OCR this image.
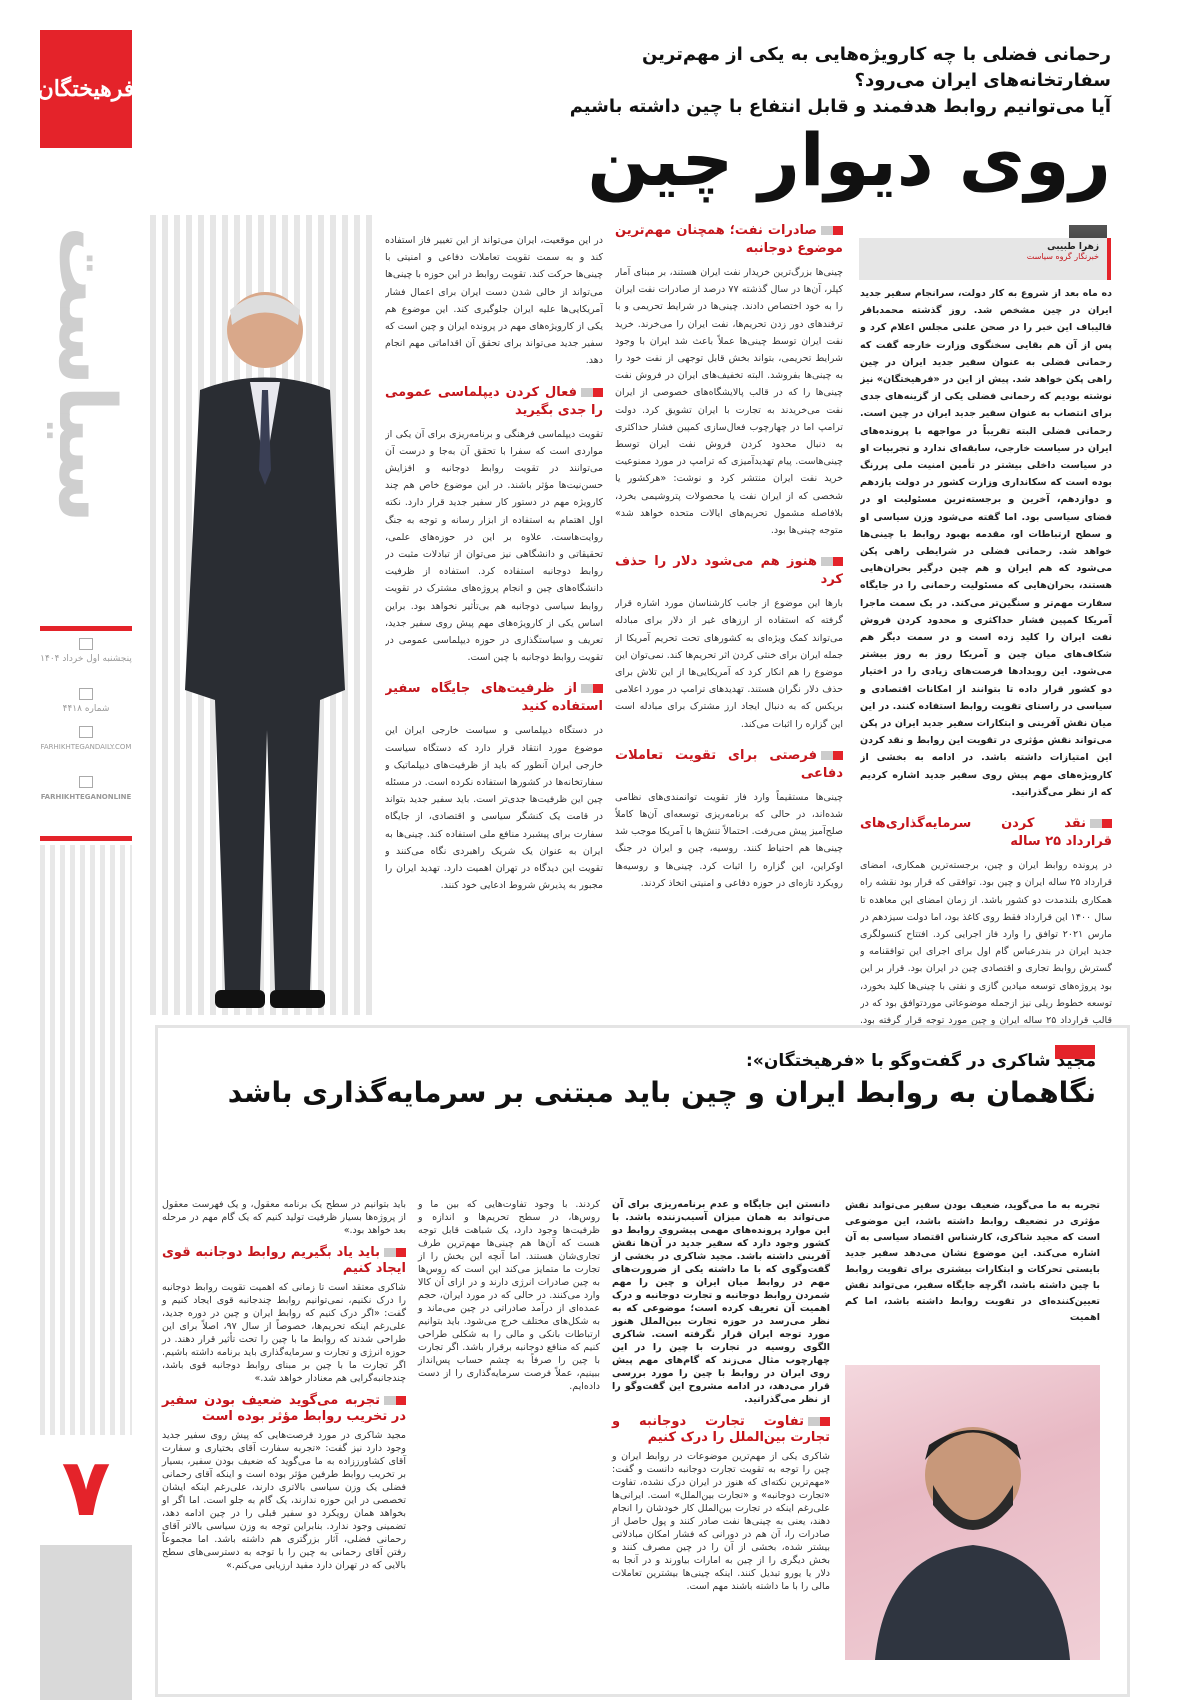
فرهیختگان
سیاست
پنجشنبه اول خرداد ۱۴۰۴
شماره ۴۴۱۸
FARHIKHTEGANDAILY.COM
FARHIKHTEGANONLINE
۷
رحمانی فضلی با چه کارویژه‌هایی به یکی از مهم‌ترین سفارتخانه‌های ایران می‌رود؟
آیا می‌توانیم روابط هدفمند و قابل انتفاع با چین داشته باشیم
روی دیوار چین
زهرا طبیبی
خبرنگار گروه سیاست

ده ماه بعد از شروع به کار دولت، سرانجام سفیر جدید ایران در چین مشخص شد. روز گذشته محمدباقر قالیباف این خبر را در صحن علنی مجلس اعلام کرد و پس از آن هم بقایی سخنگوی وزارت خارجه گفت که رحمانی فضلی به عنوان سفیر جدید ایران در چین راهی پکن خواهد شد. پیش از این در «فرهیختگان» نیز نوشته بودیم که رحمانی فضلی یکی از گزینه‌های جدی برای انتصاب به عنوان سفیر جدید ایران در چین است. رحمانی فضلی البته تقریباً در مواجهه با پرونده‌های ایران در سیاست خارجی، سابقه‌ای ندارد و تجربیات او در سیاست داخلی بیشتر در تأمین امنیت ملی پررنگ بوده است که سکانداری وزارت کشور در دولت یازدهم و دوازدهم، آخرین و برجسته‌ترین مسئولیت او در فضای سیاسی بود. اما گفته می‌شود وزن سیاسی او و سطح ارتباطات او، مقدمه بهبود روابط با چینی‌ها خواهد شد. رحمانی فضلی در شرایطی راهی پکن می‌شود که هم ایران و هم چین درگیر بحران‌هایی هستند، بحران‌هایی که مسئولیت رحمانی را در جایگاه سفارت مهم‌تر و سنگین‌تر می‌کند. در یک سمت ماجرا آمریکا کمپین فشار حداکثری و محدود کردن فروش نفت ایران را کلید زده است و در سمت دیگر هم شکاف‌های میان چین و آمریکا روز به روز بیشتر می‌شود. این رویدادها فرصت‌های زیادی را در اختیار دو کشور قرار داده تا بتوانند از امکانات اقتصادی و سیاسی در راستای تقویت روابط استفاده کنند. در این میان نقش آفرینی و ابتکارات سفیر جدید ایران در پکن می‌تواند نقش مؤثری در تقویت این روابط و نقد کردن این امتیازات داشته باشد. در ادامه به بخشی از کارویژه‌های مهم پیش روی سفیر جدید اشاره کردیم که از نظر می‌گذرانید.

نقد کردن سرمایه‌گذاری‌های قرارداد ۲۵ ساله

در پرونده روابط ایران و چین، برجسته‌ترین همکاری، امضای قرارداد ۲۵ ساله ایران و چین بود. توافقی که قرار بود نقشه راه همکاری بلندمدت دو کشور باشد. از زمان امضای این معاهده تا سال ۱۴۰۰ این قرارداد فقط روی کاغذ بود، اما دولت سیزدهم در مارس ۲۰۲۱ توافق را وارد فاز اجرایی کرد. افتتاح کنسولگری جدید ایران در بندرعباس گام اول برای اجرای این توافقنامه و گسترش روابط تجاری و اقتصادی چین در ایران بود. قرار بر این بود پروژه‌های توسعه میادین گازی و نفتی با چینی‌ها کلید بخورد، توسعه خطوط ریلی نیز ازجمله موضوعاتی موردتوافق بود که در قالب قرارداد ۲۵ ساله ایران و چین مورد توجه قرار گرفته بود.

صادرات نفت؛ همچنان مهم‌ترین موضوع دوجانبه

چینی‌ها بزرگ‌ترین خریدار نفت ایران هستند، بر مبنای آمار کپلر، آن‌ها در سال گذشته ۷۷ درصد از صادرات نفت ایران را به خود اختصاص دادند. چینی‌ها در شرایط تحریمی و با ترفندهای دور زدن تحریم‌ها، نفت ایران را می‌خرند. خرید نفت ایران توسط چینی‌ها عملاً باعث شد ایران با وجود شرایط تحریمی، بتواند بخش قابل توجهی از نفت خود را به چینی‌ها بفروشد. البته تخفیف‌های ایران در فروش نفت چینی‌ها را که در قالب پالایشگاه‌های خصوصی از ایران نفت می‌خریدند به تجارت با ایران تشویق کرد. دولت ترامپ اما در چهارچوب فعال‌سازی کمپین فشار حداکثری به دنبال محدود کردن فروش نفت ایران توسط چینی‌هاست. پیام تهدیدآمیزی که ترامپ در مورد ممنوعیت خرید نفت ایران منتشر کرد و نوشت: «هرکشور یا شخصی که از ایران نفت یا محصولات پتروشیمی بخرد، بلافاصله مشمول تحریم‌های ایالات متحده خواهد شد» متوجه چینی‌ها بود.

هنوز هم می‌شود دلار را حذف کرد

بارها این موضوع از جانب کارشناسان مورد اشاره قرار گرفته که استفاده از ارزهای غیر از دلار برای مبادله می‌تواند کمک ویژه‌ای به کشورهای تحت تحریم آمریکا از جمله ایران برای خنثی کردن اثر تحریم‌ها کند. نمی‌توان این موضوع را هم انکار کرد که آمریکایی‌ها از این تلاش برای حذف دلار نگران هستند. تهدیدهای ترامپ در مورد اعلامی بریکس که به دنبال ایجاد ارز مشترک برای مبادله است این گزاره را اثبات می‌کند.

فرصتی برای تقویت تعاملات دفاعی

چینی‌ها مستقیماً وارد فاز تقویت توانمندی‌های نظامی شده‌اند، در حالی که برنامه‌ریزی توسعه‌ای آن‌ها کاملاً صلح‌آمیز پیش می‌رفت. احتمالاً تنش‌ها با آمریکا موجب شد چینی‌ها هم احتیاط کنند. روسیه، چین و ایران در جنگ اوکراین، این گزاره را اثبات کرد. چینی‌ها و روسیه‌ها رویکرد تازه‌ای در حوزه دفاعی و امنیتی اتخاذ کردند.

در این موقعیت، ایران می‌تواند از این تغییر فاز استفاده کند و به سمت تقویت تعاملات دفاعی و امنیتی با چینی‌ها حرکت کند. تقویت روابط در این حوزه با چینی‌ها می‌تواند از خالی شدن دست ایران برای اعمال فشار آمریکایی‌ها علیه ایران جلوگیری کند. این موضوع هم یکی از کارویژه‌های مهم در پرونده ایران و چین است که سفیر جدید می‌تواند برای تحقق آن اقداماتی مهم انجام دهد.

فعال کردن دیپلماسی عمومی را جدی بگیرید

تقویت دیپلماسی فرهنگی و برنامه‌ریزی برای آن یکی از مواردی است که سفرا با تحقق آن به‌جا و درست آن می‌توانند در تقویت روابط دوجانبه و افزایش حسن‌نیت‌ها مؤثر باشند. در این موضوع خاص هم چند کارویژه مهم در دستور کار سفیر جدید قرار دارد. نکته اول اهتمام به استفاده از ابزار رسانه و توجه به جنگ روایت‌هاست. علاوه بر این در حوزه‌های علمی، تحقیقاتی و دانشگاهی نیز می‌توان از تبادلات مثبت در روابط دوجانبه استفاده کرد. استفاده از ظرفیت دانشگاه‌های چین و انجام پروژه‌های مشترک در تقویت روابط سیاسی دوجانبه هم بی‌تأثیر نخواهد بود. براین اساس یکی از کارویژه‌های مهم پیش روی سفیر جدید، تعریف و سیاستگذاری در حوزه دیپلماسی عمومی در تقویت روابط دوجانبه با چین است.

از ظرفیت‌های جایگاه سفیر استفاده کنید

در دستگاه دیپلماسی و سیاست خارجی ایران این موضوع مورد انتقاد قرار دارد که دستگاه سیاست خارجی ایران آنطور که باید از ظرفیت‌های دیپلماتیک و سفارتخانه‌ها در کشورها استفاده نکرده است. در مسئله چین این ظرفیت‌ها جدی‌تر است. باید سفیر جدید بتواند در قامت یک کنشگر سیاسی و اقتصادی، از جایگاه سفارت برای پیشبرد منافع ملی استفاده کند. چینی‌ها به ایران به عنوان یک شریک راهبردی نگاه می‌کنند و تقویت این دیدگاه در تهران اهمیت دارد. تهدید ایران را مجبور به پذیرش شروط ادعایی خود کنند.

مجید شاکری در گفت‌وگو با «فرهیختگان»:
نگاهمان به روابط ایران و چین باید مبتنی بر سرمایه‌گذاری باشد

تجربه به ما می‌گوید، ضعیف بودن سفیر می‌تواند نقش مؤثری در تضعیف روابط داشته باشد، این موضوعی است که مجید شاکری، کارشناس اقتصاد سیاسی به آن اشاره می‌کند. این موضوع نشان می‌دهد سفیر جدید بایستی تحرکات و ابتکارات بیشتری برای تقویت روابط با چین داشته باشد، اگرچه جایگاه سفیر، می‌تواند نقش تعیین‌کننده‌ای در تقویت روابط داشته باشد، اما کم اهمیت

دانستن این جایگاه و عدم برنامه‌ریزی برای آن می‌تواند به همان میزان آسیب‌زننده باشد. با این موارد پرونده‌های مهمی پیشروی روابط دو کشور وجود دارد که سفیر جدید در آن‌ها نقش آفرینی داشته باشد. مجید شاکری در بخشی از گفت‌وگوی که با ما داشته یکی از ضرورت‌های مهم در روابط میان ایران و چین را مهم شمردن روابط دوجانبه و تجارت دوجانبه و درک اهمیت آن تعریف کرده است؛ موضوعی که به نظر می‌رسد در حوزه تجارت بین‌الملل هنوز مورد توجه ایران قرار نگرفته است. شاکری الگوی روسیه در تجارت با چین را در این چهارچوب مثال می‌زند که گام‌های مهم پیش روی ایران در روابط با چین را مورد بررسی قرار می‌دهد، در ادامه مشروح این گفت‌وگو را از نظر می‌گذرانید.

تفاوت تجارت دوجانبه و تجارت بین‌الملل را درک کنیم

شاکری یکی از مهم‌ترین موضوعات در روابط ایران و چین را توجه به تقویت تجارت دوجانبه دانست و گفت: «مهم‌ترین نکته‌ای که هنوز در ایران درک نشده، تفاوت «تجارت دوجانبه» و «تجارت بین‌الملل» است. ایرانی‌ها علی‌رغم اینکه در تجارت بین‌الملل کار خودشان را انجام دهند، یعنی به چینی‌ها نفت صادر کنند و پول حاصل از صادرات را، آن هم در دورانی که فشار امکان مبادلاتی بیشتر شده، بخشی از آن را در چین مصرف کنند و بخش دیگری را از چین به امارات بیاورند و در آنجا به دلار یا یورو تبدیل کنند. اینکه چینی‌ها بیشترین تعاملات مالی را با ما داشته باشند مهم است.

کردند. با وجود تفاوت‌هایی که بین ما و روس‌ها، در سطح تحریم‌ها و اندازه و ظرفیت‌ها وجود دارد، یک شباهت قابل توجه هست که آن‌ها هم چینی‌ها مهم‌ترین طرف تجاری‌شان هستند. اما آنچه این بخش را از تجارت ما متمایز می‌کند این است که روس‌ها به چین صادرات انرژی دارند و در ازای آن کالا وارد می‌کنند. در حالی که در مورد ایران، حجم عمده‌ای از درآمد صادراتی در چین می‌ماند و به شکل‌های مختلف خرج می‌شود. باید بتوانیم ارتباطات بانکی و مالی را به شکلی طراحی کنیم که منافع دوجانبه برقرار باشد. اگر تجارت با چین را صرفاً به چشم حساب پس‌انداز ببینیم، عملاً فرصت سرمایه‌گذاری را از دست داده‌ایم.

باید بتوانیم در سطح یک برنامه معقول، و یک فهرست معقول از پروژه‌ها بسیار ظرفیت تولید کنیم که یک گام مهم در مرحله بعد خواهد بود.»

باید یاد بگیریم روابط دوجانبه قوی ایجاد کنیم

شاکری معتقد است تا زمانی که اهمیت تقویت روابط دوجانبه را درک نکنیم، نمی‌توانیم روابط چندجانبه قوی ایجاد کنیم و گفت: «اگر درک کنیم که روابط ایران و چین در دوره جدید، علی‌رغم اینکه تحریم‌ها، خصوصاً از سال ۹۷، اصلاً برای این طراحی شدند که روابط ما با چین را تحت تأثیر قرار دهند. در حوزه انرژی و تجارت و سرمایه‌گذاری باید برنامه داشته باشیم. اگر تجارت ما با چین بر مبنای روابط دوجانبه قوی باشد، چندجانبه‌گرایی هم معنادار خواهد شد.»

تجربه می‌گوید ضعیف بودن سفیر در تخریب روابط مؤثر بوده است

مجید شاکری در مورد فرصت‌هایی که پیش روی سفیر جدید وجود دارد نیز گفت: «تجربه سفارت آقای بختیاری و سفارت آقای کشاورززاده به ما می‌گوید که ضعیف بودن سفیر، بسیار بر تخریب روابط طرفین مؤثر بوده است و اینکه آقای رحمانی فضلی یک وزن سیاسی بالاتری دارند، علی‌رغم اینکه ایشان تخصصی در این حوزه ندارند، یک گام به جلو است. اما اگر او بخواهد همان رویکرد دو سفیر قبلی را در چین ادامه دهد، تضمینی وجود ندارد. بنابراین توجه به وزن سیاسی بالاتر آقای رحمانی فضلی، آثار بزرگتری هم داشته باشد. اما مجموعاً رفتن آقای رحمانی به چین را با توجه به دسترسی‌های سطح بالایی که در تهران دارد مفید ارزیابی می‌کنم.»
